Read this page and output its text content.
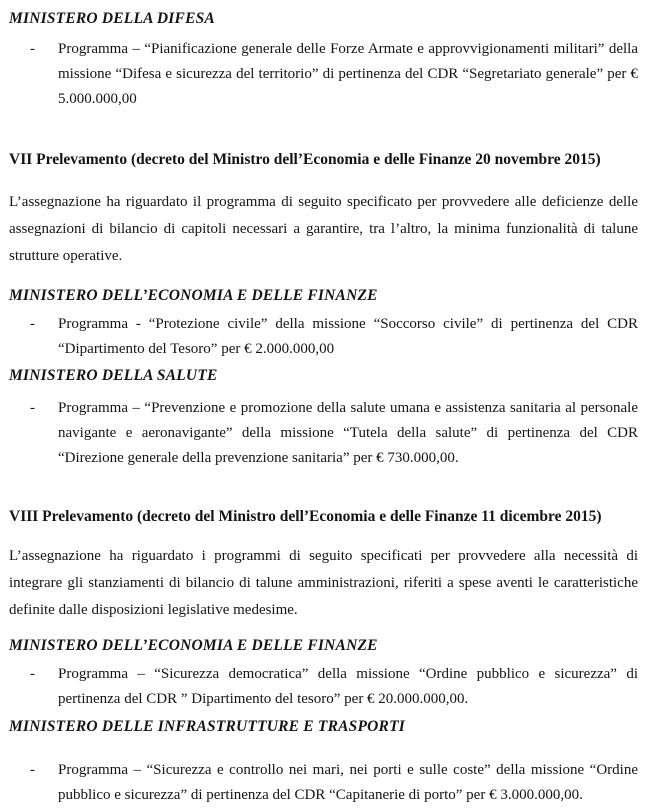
MINISTERO DELLA DIFESA
- Programma – “Pianificazione generale delle Forze Armate e approvvigionamenti militari” della missione “Difesa e sicurezza del territorio” di pertinenza del CDR “Segretariato generale” per € 5.000.000,00
VII Prelevamento (decreto del Ministro dell’Economia e delle Finanze 20 novembre 2015)

L’assegnazione ha riguardato il programma di seguito specificato per provvedere alle deficienze delle assegnazioni di bilancio di capitoli necessari a garantire, tra l’altro, la minima funzionalità di talune strutture operative.

MINISTERO DELL’ECONOMIA E DELLE FINANZE
- Programma - “Protezione civile” della missione “Soccorso civile” di pertinenza del CDR “Dipartimento del Tesoro” per € 2.000.000,00
MINISTERO DELLA SALUTE
- Programma – “Prevenzione e promozione della salute umana e assistenza sanitaria al personale navigante e aeronavigante” della missione “Tutela della salute” di pertinenza del CDR “Direzione generale della prevenzione sanitaria” per € 730.000,00.
VIII Prelevamento (decreto del Ministro dell’Economia e delle Finanze 11 dicembre 2015)

L’assegnazione ha riguardato i programmi di seguito specificati per provvedere alla necessità di integrare gli stanziamenti di bilancio di talune amministrazioni, riferiti a spese aventi le caratteristiche definite dalle disposizioni legislative medesime.

MINISTERO DELL’ECONOMIA E DELLE FINANZE
- Programma – “Sicurezza democratica” della missione “Ordine pubblico e sicurezza” di pertinenza del CDR ” Dipartimento del tesoro” per € 20.000.000,00.
MINISTERO DELLE INFRASTRUTTURE E TRASPORTI
- Programma – “Sicurezza e controllo nei mari, nei porti e sulle coste” della missione “Ordine pubblico e sicurezza” di pertinenza del CDR “Capitanerie di porto” per € 3.000.000,00.
